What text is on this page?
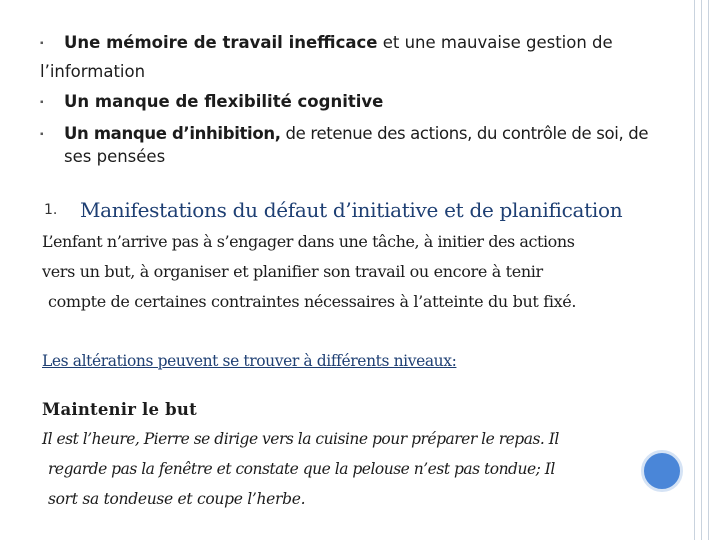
▪ Une mémoire de travail inefficace et une mauvaise gestion de
l’information
▪ Un manque de flexibilité cognitive
▪ Un manque d’inhibition, de retenue des actions, du contrôle de soi, de
ses pensées
1. Manifestations du défaut d’initiative et de planification
L’enfant n’arrive pas à s’engager dans une tâche, à initier des actions
vers un but, à organiser et planifier son travail ou encore à tenir
compte de certaines contraintes nécessaires à l’atteinte du but fixé.
Les altérations peuvent se trouver à différents niveaux:
Maintenir le but
Il est l’heure, Pierre se dirige vers la cuisine pour préparer le repas. Il
regarde pas la fenêtre et constate que la pelouse n’est pas tondue; Il
sort sa tondeuse et coupe l’herbe.
